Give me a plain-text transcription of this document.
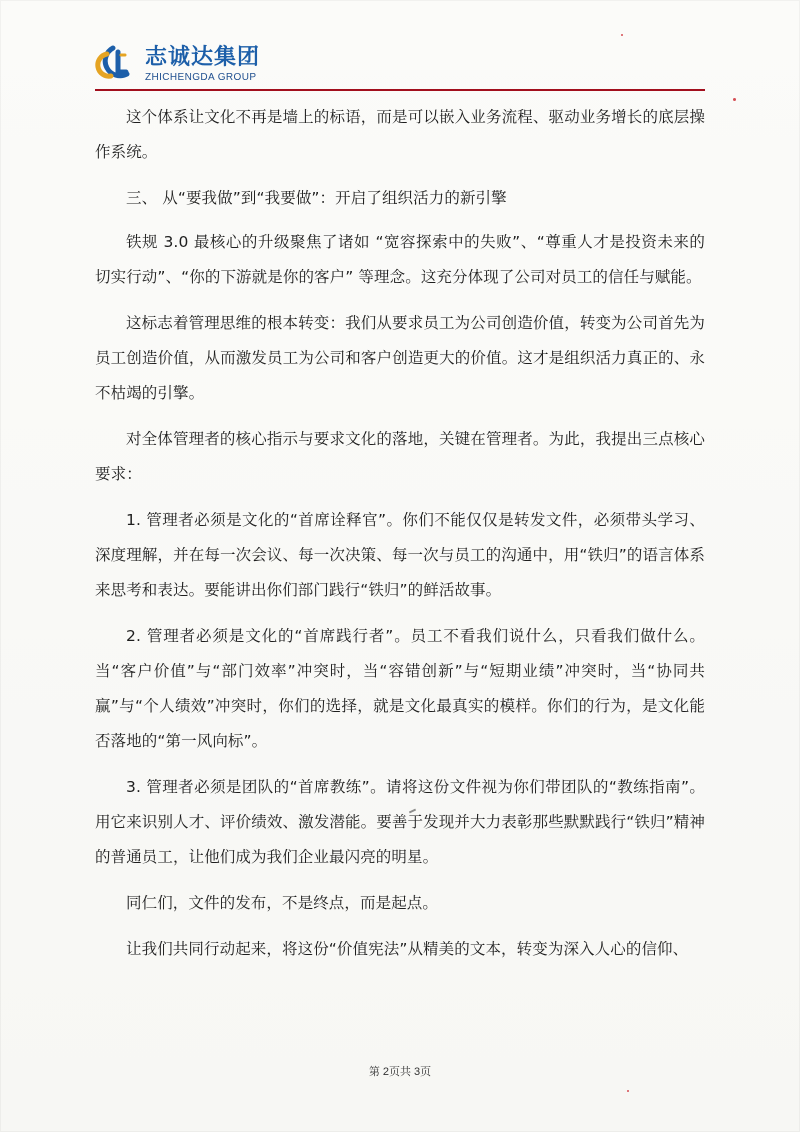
志诚达集团
ZHICHENGDA GROUP

这个体系让文化不再是墙上的标语，而是可以嵌入业务流程、驱动业务增长的底层操作系统。

三、 从“要我做”到“我要做”：开启了组织活力的新引擎

铁规 3.0 最核心的升级聚焦了诸如 “宽容探索中的失败”、“尊重人才是投资未来的切实行动”、“你的下游就是你的客户” 等理念。这充分体现了公司对员工的信任与赋能。

这标志着管理思维的根本转变：我们从要求员工为公司创造价值，转变为公司首先为员工创造价值，从而激发员工为公司和客户创造更大的价值。这才是组织活力真正的、永不枯竭的引擎。

对全体管理者的核心指示与要求文化的落地，关键在管理者。为此，我提出三点核心要求：

1. 管理者必须是文化的“首席诠释官”。你们不能仅仅是转发文件，必须带头学习、深度理解，并在每一次会议、每一次决策、每一次与员工的沟通中，用“铁归”的语言体系来思考和表达。要能讲出你们部门践行“铁归”的鲜活故事。

2. 管理者必须是文化的“首席践行者”。员工不看我们说什么，只看我们做什么。当“客户价值”与“部门效率”冲突时，当“容错创新”与“短期业绩”冲突时，当“协同共赢”与“个人绩效”冲突时，你们的选择，就是文化最真实的模样。你们的行为，是文化能否落地的“第一风向标”。

3. 管理者必须是团队的“首席教练”。请将这份文件视为你们带团队的“教练指南”。用它来识别人才、评价绩效、激发潜能。要善于发现并大力表彰那些默默践行“铁归”精神的普通员工，让他们成为我们企业最闪亮的明星。

同仁们，文件的发布，不是终点，而是起点。

让我们共同行动起来，将这份“价值宪法”从精美的文本，转变为深入人心的信仰、

第 2页共 3页
